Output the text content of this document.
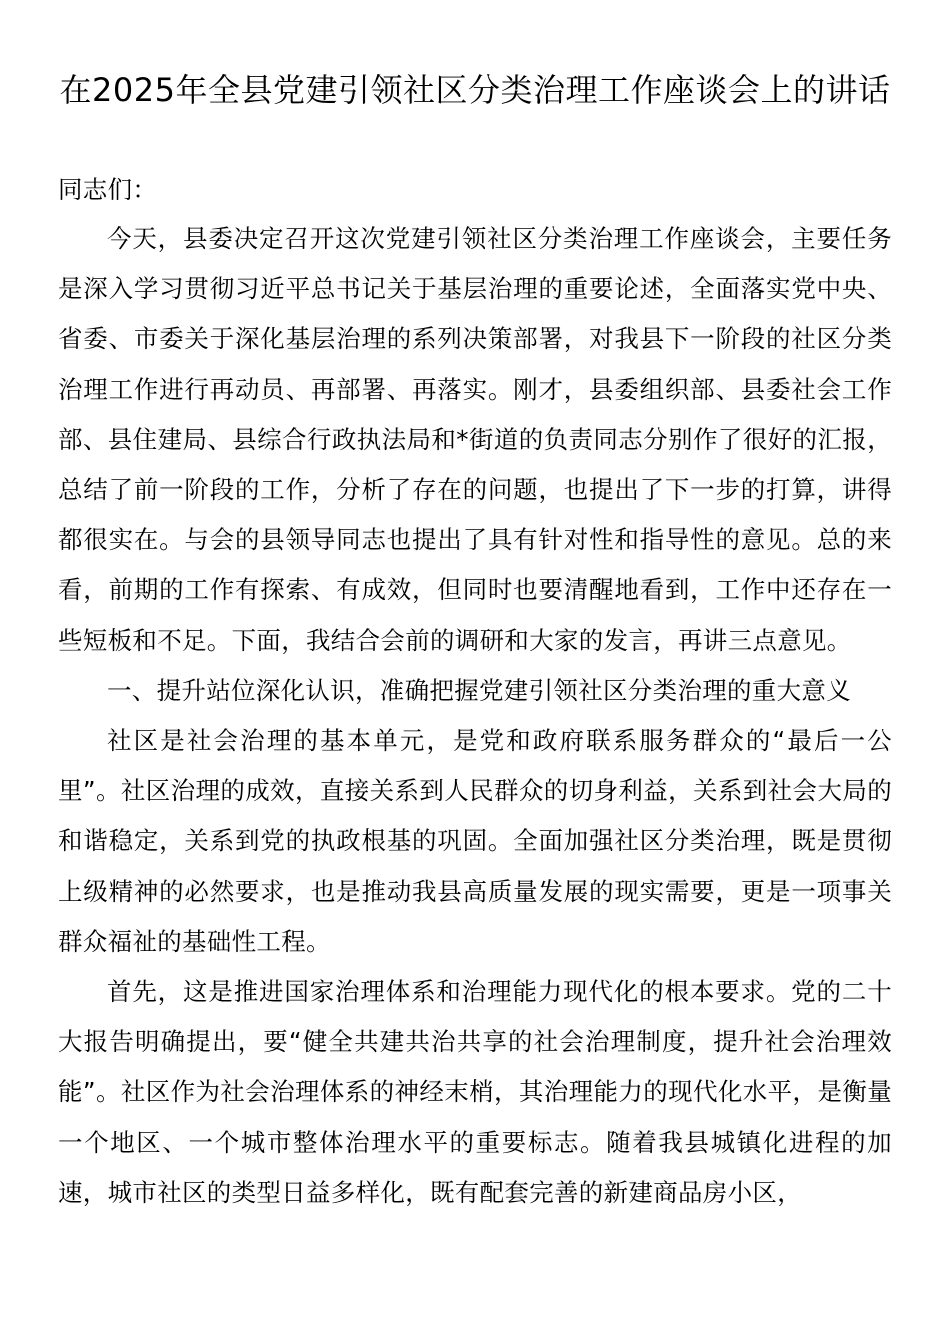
在2025年全县党建引领社区分类治理工作座谈会上的讲话

同志们：

今天，县委决定召开这次党建引领社区分类治理工作座谈会，主要任务是深入学习贯彻习近平总书记关于基层治理的重要论述，全面落实党中央、省委、市委关于深化基层治理的系列决策部署，对我县下一阶段的社区分类治理工作进行再动员、再部署、再落实。刚才，县委组织部、县委社会工作部、县住建局、县综合行政执法局和*街道的负责同志分别作了很好的汇报，总结了前一阶段的工作，分析了存在的问题，也提出了下一步的打算，讲得都很实在。与会的县领导同志也提出了具有针对性和指导性的意见。总的来看，前期的工作有探索、有成效，但同时也要清醒地看到，工作中还存在一些短板和不足。下面，我结合会前的调研和大家的发言，再讲三点意见。

一、提升站位深化认识，准确把握党建引领社区分类治理的重大意义

社区是社会治理的基本单元，是党和政府联系服务群众的“最后一公里”。社区治理的成效，直接关系到人民群众的切身利益，关系到社会大局的和谐稳定，关系到党的执政根基的巩固。全面加强社区分类治理，既是贯彻上级精神的必然要求，也是推动我县高质量发展的现实需要，更是一项事关群众福祉的基础性工程。

首先，这是推进国家治理体系和治理能力现代化的根本要求。党的二十大报告明确提出，要“健全共建共治共享的社会治理制度，提升社会治理效能”。社区作为社会治理体系的神经末梢，其治理能力的现代化水平，是衡量一个地区、一个城市整体治理水平的重要标志。随着我县城镇化进程的加速，城市社区的类型日益多样化，既有配套完善的新建商品房小区，
